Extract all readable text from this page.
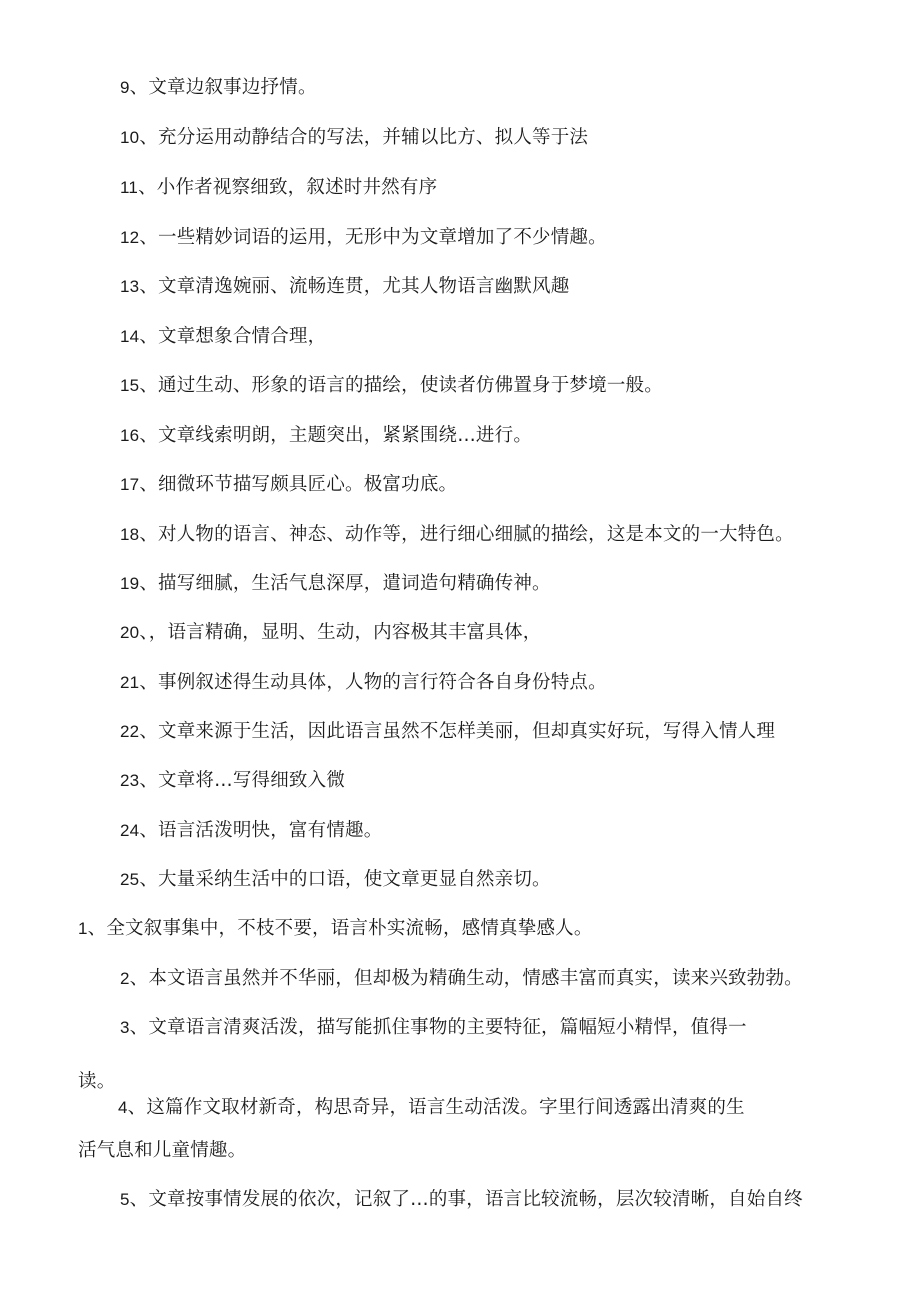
9、文章边叙事边抒情。
10、充分运用动静结合的写法，并辅以比方、拟人等于法
11、小作者视察细致，叙述时井然有序
12、一些精妙词语的运用，无形中为文章增加了不少情趣。
13、文章清逸婉丽、流畅连贯，尤其人物语言幽默风趣
14、文章想象合情合理，
15、通过生动、形象的语言的描绘，使读者仿佛置身于梦境一般。
16、文章线索明朗，主题突出，紧紧围绕…进行。
17、细微环节描写颇具匠心。极富功底。
18、对人物的语言、神态、动作等，进行细心细腻的描绘，这是本文的一大特色。
19、描写细腻，生活气息深厚，遣词造句精确传神。
20、，语言精确，显明、生动，内容极其丰富具体，
21、事例叙述得生动具体，人物的言行符合各自身份特点。
22、文章来源于生活，因此语言虽然不怎样美丽，但却真实好玩，写得入情人理
23、文章将…写得细致入微
24、语言活泼明快，富有情趣。
25、大量采纳生活中的口语，使文章更显自然亲切。
1、全文叙事集中，不枝不要，语言朴实流畅，感情真挚感人。
2、本文语言虽然并不华丽，但却极为精确生动，情感丰富而真实，读来兴致勃勃。
3、文章语言清爽活泼，描写能抓住事物的主要特征，篇幅短小精悍，值得一
读。
4、这篇作文取材新奇，构思奇异，语言生动活泼。字里行间透露出清爽的生
活气息和儿童情趣。
5、文章按事情发展的依次，记叙了…的事，语言比较流畅，层次较清晰，自始自终
